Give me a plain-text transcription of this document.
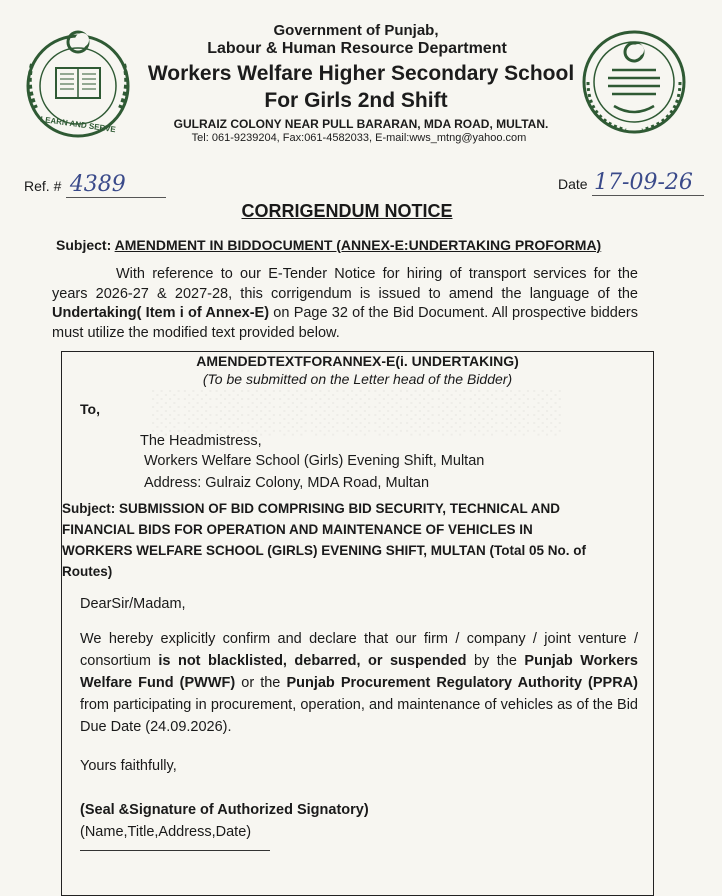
LEARN AND SERVE
Government of Punjab,
Labour & Human Resource Department
Workers Welfare Higher Secondary School
For Girls 2nd Shift
GULRAIZ COLONY NEAR PULL BARARAN, MDA ROAD, MULTAN.
Tel: 061-9239204, Fax:061-4582033, E-mail:wws_mtng@yahoo.com
Ref. # 4389	Date 17-09-26
CORRIGENDUM NOTICE
Subject: AMENDMENT IN BIDDOCUMENT (ANNEX-E:UNDERTAKING PROFORMA)
With reference to our E-Tender Notice for hiring of transport services for the years 2026-27 & 2027-28, this corrigendum is issued to amend the language of the Undertaking( Item i of Annex-E) on Page 32 of the Bid Document. All prospective bidders must utilize the modified text provided below.
AMENDEDTEXTFORANNEX-E(i. UNDERTAKING)
(To be submitted on the Letter head of the Bidder)
To,
The Headmistress,
Workers Welfare School (Girls) Evening Shift, Multan
Address: Gulraiz Colony, MDA Road, Multan
Subject: SUBMISSION OF BID COMPRISING BID SECURITY, TECHNICAL AND
FINANCIAL BIDS FOR OPERATION AND MAINTENANCE OF VEHICLES IN
WORKERS WELFARE SCHOOL (GIRLS) EVENING SHIFT, MULTAN (Total 05 No. of
Routes)
DearSir/Madam,
We hereby explicitly confirm and declare that our firm / company / joint venture / consortium is not blacklisted, debarred, or suspended by the Punjab Workers Welfare Fund (PWWF) or the Punjab Procurement Regulatory Authority (PPRA) from participating in procurement, operation, and maintenance of vehicles as of the Bid Due Date (24.09.2026).
Yours faithfully,
(Seal &Signature of Authorized Signatory)
(Name,Title,Address,Date)
